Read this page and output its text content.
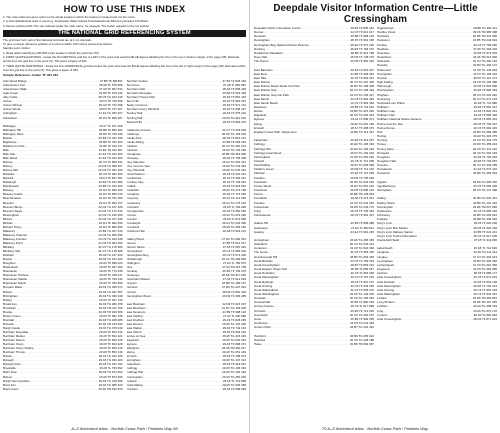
HOW TO USE THIS INDEX

1. The map reference given refers to the actual square in which the feature is located and not the name.

2. A strict alphabetical order is used e.g. Freshwater Water follows Freshwaterbrook Park but precedes Freshfield.

3. Names prefixed with 'The' are indexed under the main name, for example 'The Gates' appears in the Gs section.

THE NATIONAL GRID REFERENCING SYSTEM

The grid lines form part of the National Grid and are at 1 km intervals.

To give a unique reference position of a point to within 100 metres proceed as follows:

Sample point: Amber

1. Read letters identifying 100,000 metre square in which the point lies (TF)

2. FIRST QUOTE EASTINGS - locate the first VERTICAL grid line to LEFT of the point and read the BLUE figures labelling the line in the top or bottom margin of the page (36). Estimate tenths from the grid line to the point (4). This gives a figure of 364.

3. THEN QUOTE NORTHINGS - locate the first HORIZONTAL grid line below the point and read the BLUE figures labelling the line in the left or right margin of the page (28). Estimate tenths from the grid line to the point (4). This gives a figure of 284.

Sample Reference: Amber TF 364 284
Acle Wood Bridge . . .	37 B5 TF 681891
Adventurers' Fen . . .	35 A8 TF 678 580
Adventurers' Walk . . .	37 A8 TF 667 534
Agar Creek . . .	33 D8 TF 619 432
Alby Crafts . . .	38 C5 TG 224 340
Anmer . . .	29 F5 TF 739 298
Anmer Minque . . .	29 G8 TF 742 298
Anmer Wood . . .	29 F6 TF 737 307
Antingham . . .	41 F2 TG 253 327
Ashwicken . . .	30 D4 TF 698 187
Babingley . . .	29 A7 TF 671 259
Babingley Hill . . .	29 B8 TF 683 264
Babingley River . . .	29 D6 TF 726 245
Bacton . . .	33 B4 TG 341 336
Bagthorpe . . .	26 B8 TF 782 323
Balderton's Hole . . .	32 B2 TF 814 117
Bale . . .	31 E4 TG 011 367
Bale Oak . . .	31 E4 TG 012 363
Bale Wood . . .	31 E2 TG 012 369
Barmer . . .	26 C5 TF 808 332
Barney . . .	22 D3 TG 008 327
Barney Mill . . .	22 D4 TG 001 328
Barsham . . .	26 C8 TF 922 350
Barwick . . .	26 F4 TF 807 351
Bawburgh . . .	22 B2 TG 151 089
Bawdeswell . . .	22 B5 TG 044 206
Bawsey . . .	22 D4 TF 666 200
Bawsey Castle . . .	22 D4 TF 665 215
Beachamwell . . .	22 D2 TF 751 058
Beeston . . .	22 D4 TF 903 157
Beeston Bump . . .	22 D4 TG 167 426
Beeston Regis . . .	22 D4 TG 172 434
Bessingham . . .	22 D4 TG 166 369
Bintree . . .	22 D4 TG 017 236
Binham . . .	22 D4 TF 982 396
Binham Priory . . .	22 D4 TF 982 399
Blakeney . . .	24 B9 TG 027 440
Blakeney Channel . . .	24 C6 TG 005 456
Blakeney Freshes . . .	24 C9 TG 044 445
Blakeney Point . . .	24 C6 TG 004 465
Blickling . . .	31 D7 TG 178 286
Blickling Hall . . .	31 D7 TG 178 285
Bodham . . .	30 A8 TG 127 402
Booton . . .	29 A5 TG 121 223
Boughton . . .	29 A5 TF 699 020
Bradenham . . .	29 A5 TF 937 093
Brancaster . . .	29 A5 TF 773 438
Brancaster Harbour . . .	29 A5 TF 788 447
Brancaster Staithe . . .	29 A5 TF 799 443
Brancaster Marsh . . .	29 A5 TF 780 450
Breydon Water . . .	29 A5 TG 495 074
Brinton . . .	29 A5 TG 037 357
Briningham . . .	29 A5 TG 036 348
Brisley . . .	29 A5 TF 947 213
Broad Fen . . .	29 A5 TG 380 155
Brockdish . . .	29 A5 TM 211 796
Brooke . . .	29 A5 TM 290 996
Broom Green . . .	29 A5 TF 981 235
Brundall . . .	29 A5 TG 325 085
Bunwell . . .	29 A5 TM 133 932
Burgh Castle . . .	29 A5 TG 476 049
Burnham Deepdale . . .	29 A5 TF 804 441
Burnham Market . . .	29 A5 TF 832 421
Burnham Norton . . .	29 A5 TF 826 435
Burnham Overy . . .	29 A5 TF 843 428
Burnham Overy Staithe . . .	29 A5 TF 845 443
Burnham Thorpe . . .	29 A5 TF 853 416
Buxton . . .	29 A5 TG 232 225
Bylaugh . . .	29 A5 TG 034 183
Bylaugh Park . . .	29 A5 TG 037 193
Brookville . . .	29 A5 TL 763 952
Bull's Row . . .	29 A5 TG 104 363
Bulmer . . .	29 A5 TF 874 255
Burgh Next Aylsham . . .	29 A5 TG 218 256
Burnt Fen . . .	29 A5 TG 385 220
Bush Green . . .	29 A5 TM 232 879
Burnham Sutton . . .	37 B4 TF 828 426
Burnt Fen . . .	37 A8 TL 681 887
Burnham Ulph . . .	38 A8 TF 838 429
Burnham Westgate . . .	26 B2 TF 823 420
Burnham Thorpe Hall . . .	29 A5 TF 851 418
Burnt Hill . . .	29 A5 TF 962 337
Bushy Common . . .	29 A5 TF 971 101
Burnham Overy Windmill . . .	29 A5 TF 838 437
Bentley Hall . . .	29 A5 TF 675 216
Bunting Hall . . .	29 A5 TG 010 322
Bustard Hill . . .	29 A5 TF 893 276
Caldecote Crossin . . .	22 C7 TF 663 009
Calthorpe . . .	28 D6 TG 183 318
Castle Acre . . .	28 C5 TF 816 151
Castle Rising . . .	23 B6 TF 665 245
Catfield . . .	26 C4 TG 381 213
Cawston . . .	26 A5 TG 133 238
Chedgrave . . .	26 B6 TM 362 990
Choseley . . .	26 A6 TF 755 408
Cley Marshes . . .	26 A4 TG 054 441
Cley next the Sea . . .	26 A8 TG 043 440
Cley Windmill . . .	26 A8 TG 045 440
Clenchwarton . . .	26 A5 TF 591 201
Cockthorpe . . .	26 A4 TF 982 421
Cockley Cley . . .	26 A5 TF 792 042
Colkirk . . .	26 A6 TF 918 264
Coltishall . . .	26 A6 TG 272 198
Congham . . .	26 A6 TF 713 236
Corpusty . . .	26 A4 TG 113 299
Costessey . . .	26 A4 TG 176 122
Cranwich . . .	26 A5 TL 784 948
Crimplesham . . .	26 A5 TF 650 036
Cromer . . .	26 A6 TG 219 420
Croxton . . .	26 A6 TL 873 866
Crostwight . . .	26 A4 TG 334 300
Crostwick . . .	26 A8 TG 259 160
Cutthroat Hall . . .	26 A8 TF 823 212
Dalling Wood . . .	27 D2 TG 083 391
Denver . . .	37 B5 TF 612 017
Denver Sluice . . .	37 A5 TF 587 010
Dersingham . . .	25 C4 TF 686 302
Dersingham Bog . . .	25 C4 TF 672 290
Dickleburgh . . .	32 C4 TM 169 825
Didlington . . .	27 A4 TL 780 970
Diss . . .	27 A4 TM 116 799
Docking . . .	26 B4 TF 766 370
Dockeney . . .	28 D6 TM 317 925
Downham Market . . .	27 A5 TF 612 033
Drayton . . .	26 B8 TG 180 137
Dunston . . .	27 B4 TG 227 024
Dunton . . .	28 D6 TF 881 302
Dersingham Wood . . .	28 D6 TF 696 285
East Barsham . . .	22 D3 TF 915 337
East Beckham . . .	31 D7 TG 159 400
East Dereham . . .	24 B9 TF 988 132
East Harling . . .	27 A4 TL 990 868
East Rudham . . .	29 A5 TF 828 283
East Runton . . .	29 A5 TG 197 425
East Walton . . .	29 A5 TF 742 163
East Winch . . .	29 A5 TF 693 162
Eccles on Sea . . .	29 A5 TG 415 290
Edgefield . . .	29 A5 TG 094 343
Egmere . . .	29 A5 TF 898 374
Ellingham . . .	29 A5 TM 364 917
Elsing . . .	29 A5 TG 051 166
Emneth . . .	29 A5 TF 488 073
Erpingham . . .	29 A5 TG 197 312
Fakenham . . .	29 A5 TF 919 297
Felbrigg . . .	29 A5 TG 196 393
Felbrigg Hall . . .	29 A5 TG 194 394
Felmingham . . .	29 A5 TG 250 292
Feltwell . . .	29 A5 TL 713 908
Field Dalling . . .	29 A5 TG 006 389
Fincham . . .	29 A5 TF 688 063
A–Z Adventure Atlas · Norfolk Coast Path / Peddars Way 69
Deepdale Visitor Information Centre—Little Cressingham
Deepdale Visitor Information Centre . . .	28 E5 TF 805 442
Denver . . .	44 C5 TF 612 017
Dereham . . .	40 B6 TF 988 132
Dersingham . . .	28 F5 TF 691 305
Dersingham Bog National Nature Reserve . . .	28 E4 TF 672 290
Docking . . .	28 E6 TF 766 370
Doubleriver Plantation . . .	68 B6 TL 913 798
Dove Hall . . .	25 D5 TF 748 275
The Dunes . . .	43 D5 TF 950 442
East Barsham . . .	26 E5 TF 915 337
East Fleet . . .	34 B6 TF 928 445
East Hills . . .	32 C5 TF 969 441
East Runton . . .	30 C4 TG 197 425
East Runton Beach Road Car Park . . .	30 B3 TG 198 428
East Runton Gap . . .	30 C3 TG 198 429
East Runton Gap Car Park . . .	31 C3 TG 199 427
East Sands . . .	43 C8 TF 962 449
East Sands Beach . . .	12 C4 TF 963 452
Eastmoor . . .	28 B6 TF 731 042
Eccles . . .	53 B6 TG 415 290
Edgefield . . .	36 C6 TG 094 343
Egmere . . .	33 A4 TF 898 374
Elsing . . .	29 A6 TG 051 166
Emneth . . .	28 A7 TF 488 073
England Coast Path, Weybourne . . .	22 B6 TG 113 437
Fakenham . . .	26 E6 TF 919 297
Felbrigg . . .	40 E6 TG 196 393
Felbrigg Hall . . .	40 E6 TG 194 394
Felbrigg Great Wood . . .	40 F6 TG 193 404
Felmingham . . .	41 D6 TG 250 292
Feltwell . . .	49 C5 TL 713 908
Field Dalling . . .	33 A3 TG 006 389
Fiddler's Green . . .	29 D6 TF 712 216
Flitcham . . .	25 E4 TF 727 265
Foulden . . .	29 D5 TF 765 993
Foulsham . . .	26 D5 TG 032 249
Foxley Wood . . .	34 E4 TG 051 216
Fransham . . .	29 D5 TF 898 133
Frenze . . .	26 B6 TM 136 804
Freshfield . . .	34 A8 TF 973 451
Freshes . . .	24 C9 TG 044 445
Frettenham . . .	33 D6 TG 243 175
Fring . . .	26 C5 TF 735 349
Fulmodeston . . .	28 C6 TF 991 307
Gallow Hill . . .	40 B6 TF 898 288
Gasthorpe . . .	21 E3 TL 983 811
Gateley . . .	24 E4 TF 961 245
Gimingham . . .	26 E5 TG 285 365
Glandford . . .	30 C3 TG 044 414
Gorleston . . .	43 C8 TG 524 036
The Gorse . . .	32 C5 TF 983 425
Gramborough Hill . . .	45 B6 TG 069 438
Great Bircham . . .	44 C5 TF 769 323
Great Cressingham . . .	28 B7 TF 853 019
Great Eastern Pingo Trail . . .	36 B6 TL 899 947
Great Hockham . . .	40 C6 TL 953 928
Great Massingham . . .	30 C4 TF 797 229
Great Ryburgh . . .	29 A4 TF 961 272
Great Snoring . . .	32 C5 TF 945 345
Great Walsingham . . .	32 C5 TF 935 376
Great Witchingham . . .	33 C5 TG 104 200
Gresham . . .	36 C6 TG 166 384
Gressenhall . . .	36 B6 TF 960 169
Grimes Graves . . .	28 C6 TL 817 898
Grimston . . .	26 E5 TF 721 220
Guestwick . . .	30 C3 TG 062 270
Guist . . .	45 B6 TF 999 255
Gunthorpe . . .	44 C5 TG 011 349
Gunton Park . . .	28 B7 TG 224 342
Hackford . . .	36 B6 TG 065 024
Hainford . . .	40 C6 TG 228 188
Hales . . .	45 B6 TM 382 967
Happisburgh . . .	28 B8 TG 381 311
Hardley Flood . . .	39 F6 TM 386 998
Hardwick . . .	36 D5 TM 222 900
Harleston . . .	33 B5 TM 246 834
Harpley . . .	36 C6 TF 789 260
Hautbois . . .	37 A5 TG 262 202
Heacham . . .	26 E5 TF 673 378
Hedenham . . .	43 A6 TM 314 936
Hellesdon . . .	31 C3 TG 200 122
Hemsby . . .	30 B3 TG 492 172
Hethersett . . .	31 C6 TG 146 049
Hevingham . . .	41 F5 TG 196 216
Heydon . . .	38 F6 TG 114 274
High Kelling . . .	43 C8 TG 105 398
Hilborough . . .	32 D5 TF 825 000
Hindringham . . .	26 E5 TF 984 363
Hingham . . .	30 C3 TG 022 020
Hockering . . .	30 C3 TG 073 133
Hockwold cum Wilton . . .	26 E5 TL 731 880
Holkham . . .	26 E5 TF 891 437
Holkham Gap . . .	43 A6 TF 892 451
Holkham Hall . . .	43 A6 TF 885 428
Holkham National Nature Reserve . . .	28 D4 TF 866 454
Holme next the Sea . . .	28 D4 TF 705 437
Holme Dunes . . .	40 C6 TF 692 445
Holt . . .	26 B6 TG 083 389
Honing . . .	34 A8 TG 326 279
Horning . . .	24 C9 TG 342 175
Horsey . . .	33 D6 TG 458 224
Horsey Mere . . .	26 C5 TG 447 222
Horstead . . .	28 C6 TG 262 193
Houghton . . .	26 E5 TF 794 284
Houghton Hall . . .	26 E5 TF 792 287
Hoveton . . .	30 C3 TG 300 185
Hunstanton . . .	21 E3 TF 674 410
Hunworth . . .	36 B6 TG 066 354
Ingham . . .	33 D6 TG 390 260
Ingoldisthorpe . . .	26 C5 TF 683 329
Itteringham . . .	28 C6 TG 147 308
Kelling . . .	40 B6 TG 091 421
Kelling Heath . . .	40 B6 TG 101 416
Kenninghall . . .	26 E5 TM 037 860
Kettlestone . . .	30 C3 TF 965 320
Kimberley . . .	36 B6 TG 069 042
Knapton . . .	28 B8 TG 308 340
King's Lynn . . .	39 F6 TF 620 200
King's Lynn Bus Station . . .	36 D5 TF 620 199
King's Lynn Railway Station . . .	33 B5 TF 624 201
King's Lynn Tourist Information . . .	36 C6 TF 617 200
Knettishall Heath . . .	37 A5 TL 944 806
Lakenheath . . .	26 E5 TL 714 826
Langham . . .	43 A6 TG 011 414
Langley . . .	31 C3 TG 362 013
Lessingham . . .	30 B3 TG 394 282
Letheringsett . . .	31 C6 TG 061 386
Lingwood . . .	41 F5 TG 364 085
Litcham . . .	38 F6 TF 886 177
Little Cressingham . . .	43 C8 TF 871 001
Little Dunham . . .	32 D5 TF 862 128
Little Massingham . . .	26 E5 TF 792 243
Little Snoring . . .	30 C3 TF 952 323
Little Walsingham . . .	30 C3 TF 934 367
Loddon . . .	26 E5 TM 363 987
Long Stratton . . .	26 E5 TM 197 925
Ludham . . .	43 A6 TG 388 183
Lyng . . .	43 A6 TG 070 178
Lynford . . .	28 D4 TL 820 942
Little Cressingham . . .	28 D4 TF 871 001
70 A–Z Adventure Atlas · Norfolk Coast Path / Peddars Way
